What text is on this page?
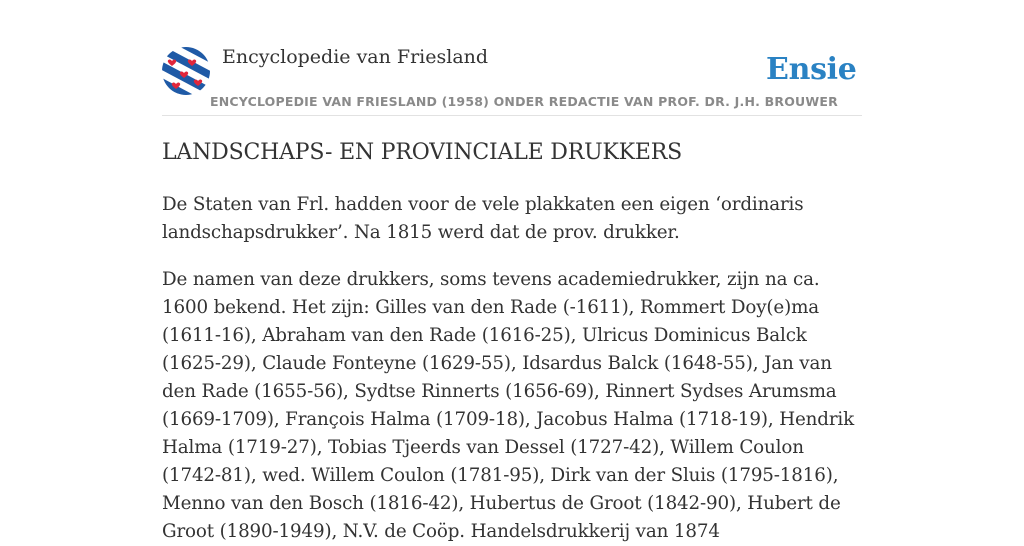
Encyclopedie van Friesland	Ensie
ENCYCLOPEDIE VAN FRIESLAND (1958) ONDER REDACTIE VAN PROF. DR. J.H. BROUWER
LANDSCHAPS- EN PROVINCIALE DRUKKERS

De Staten van Frl. hadden voor de vele plakkaten een eigen ‘ordinaris landschapsdrukker’. Na 1815 werd dat de prov. drukker.

De namen van deze drukkers, soms tevens academiedrukker, zijn na ca. 1600 bekend. Het zijn: Gilles van den Rade (-1611), Rommert Doy(e)ma (1611-16), Abraham van den Rade (1616-25), Ulricus Dominicus Balck (1625-29), Claude Fonteyne (1629-55), Idsardus Balck (1648-55), Jan van den Rade (1655-56), Sydtse Rinnerts (1656-69), Rinnert Sydses Arumsma (1669-1709), François Halma (1709-18), Jacobus Halma (1718-19), Hendrik Halma (1719-27), Tobias Tjeerds van Dessel (1727-42), Willem Coulon (1742-81), wed. Willem Coulon (1781-95), Dirk van der Sluis (1795-1816), Menno van den Bosch (1816-42), Hubertus de Groot (1842-90), Hubert de Groot (1890-1949), N.V. de Coöp. Handelsdrukkerij van 1874
